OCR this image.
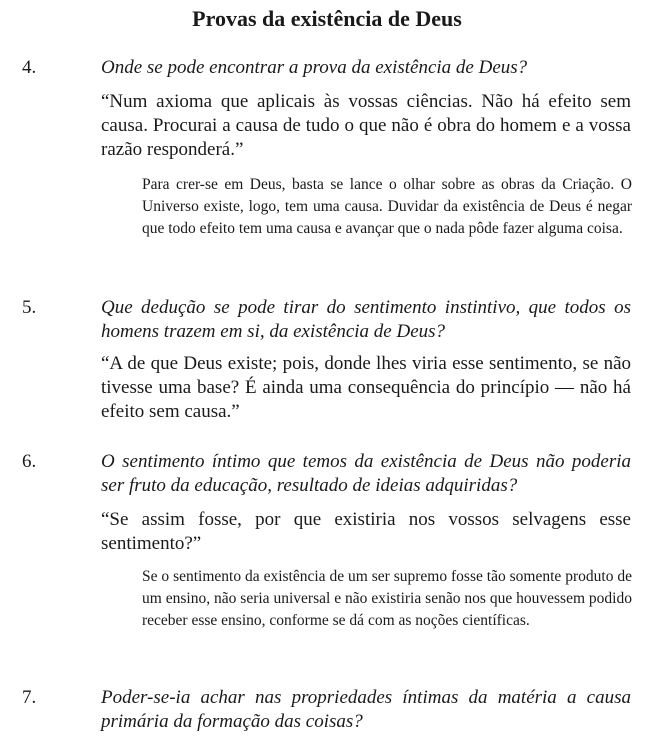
Provas da existência de Deus
4.	Onde se pode encontrar a prova da existência de Deus?
“Num axioma que aplicais às vossas ciências. Não há efeito sem causa. Procurai a causa de tudo o que não é obra do homem e a vossa razão responderá.”
Para crer-se em Deus, basta se lance o olhar sobre as obras da Criação. O Universo existe, logo, tem uma causa. Duvidar da existência de Deus é negar que todo efeito tem uma causa e avançar que o nada pôde fazer alguma coisa.
5.	Que dedução se pode tirar do sentimento instintivo, que todos os homens trazem em si, da existência de Deus?
“A de que Deus existe; pois, donde lhes viria esse sentimento, se não tivesse uma base? É ainda uma consequência do princípio — não há efeito sem causa.”
6.	O sentimento íntimo que temos da existência de Deus não poderia ser fruto da educação, resultado de ideias adquiridas?
“Se assim fosse, por que existiria nos vossos selvagens esse sentimento?”
Se o sentimento da existência de um ser supremo fosse tão somente produto de um ensino, não seria universal e não existiria senão nos que houvessem podido receber esse ensino, conforme se dá com as noções científicas.
7.	Poder-se-ia achar nas propriedades íntimas da matéria a causa primária da formação das coisas?
